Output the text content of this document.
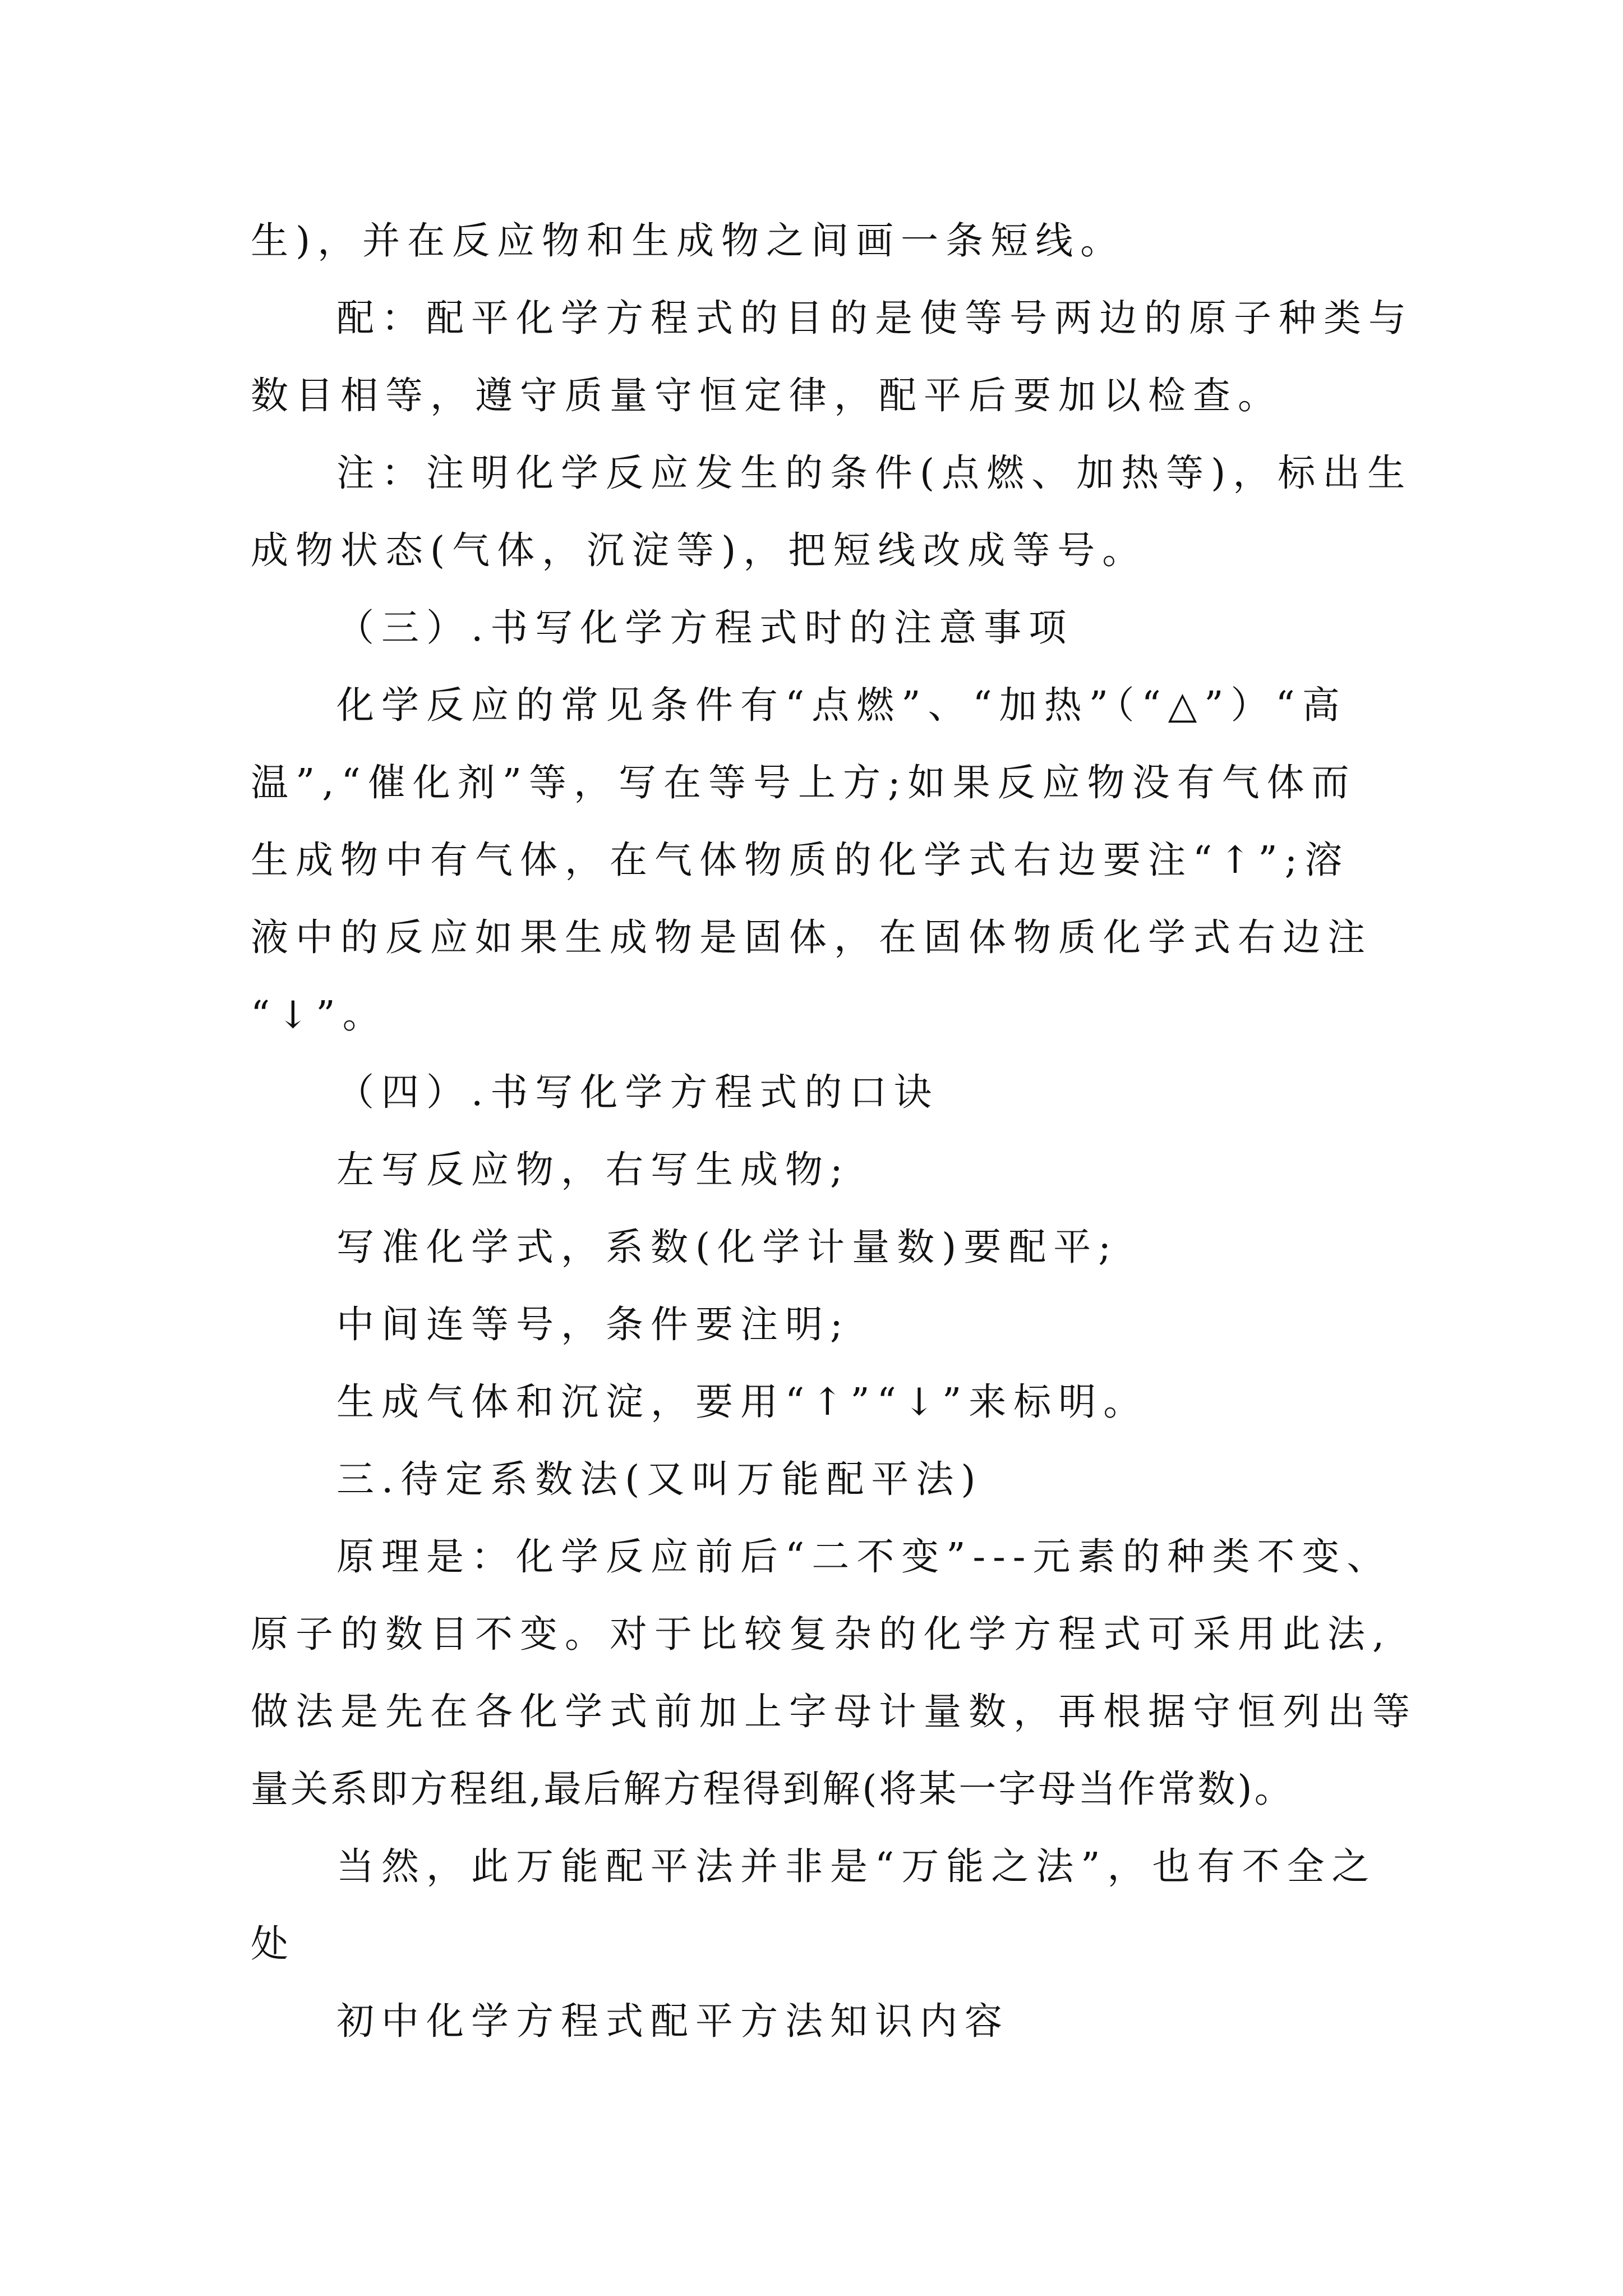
生)，并在反应物和生成物之间画一条短线。
配：配平化学方程式的目的是使等号两边的原子种类与
数目相等，遵守质量守恒定律，配平后要加以检查。
注：注明化学反应发生的条件(点燃、加热等)，标出生
成物状态(气体，沉淀等)，把短线改成等号。
（三）.书写化学方程式时的注意事项
化学反应的常见条件有“点燃”、“加热”（“△”）“高
温”,“催化剂”等，写在等号上方;如果反应物没有气体而
生成物中有气体，在气体物质的化学式右边要注“↑”;溶
液中的反应如果生成物是固体，在固体物质化学式右边注
“↓”。
（四）.书写化学方程式的口诀
左写反应物，右写生成物;
写准化学式，系数(化学计量数)要配平;
中间连等号，条件要注明;
生成气体和沉淀，要用“↑”“↓”来标明。
三.待定系数法(又叫万能配平法)
原理是：化学反应前后“二不变”---元素的种类不变、
原子的数目不变。对于比较复杂的化学方程式可采用此法,
做法是先在各化学式前加上字母计量数，再根据守恒列出等
量关系即方程组,最后解方程得到解(将某一字母当作常数)。
当然，此万能配平法并非是“万能之法”，也有不全之
处
初中化学方程式配平方法知识内容
